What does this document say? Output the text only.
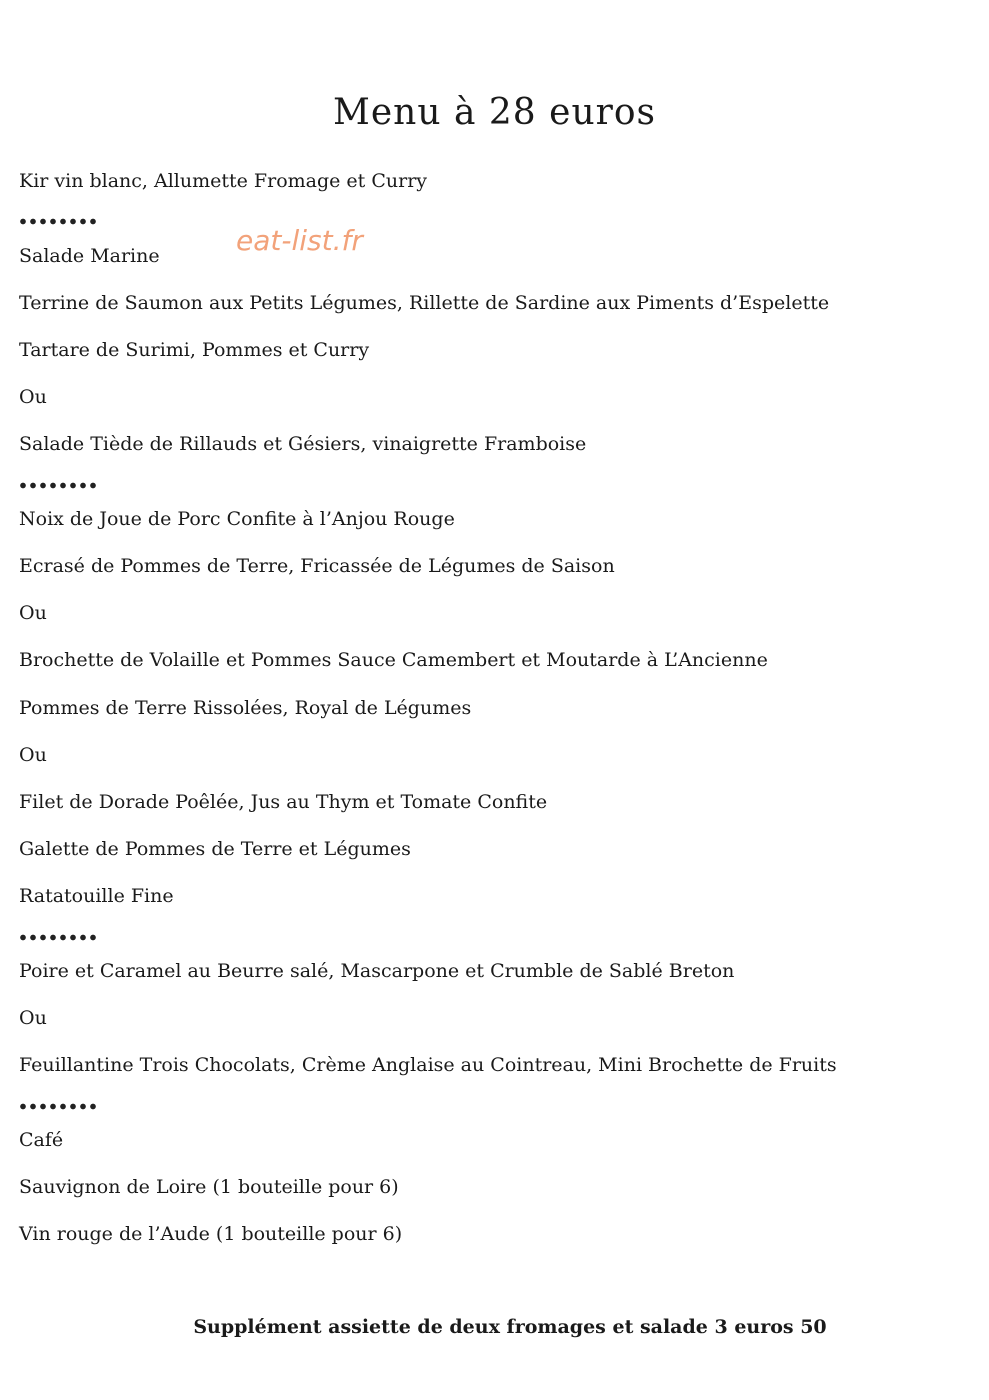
Menu à 28 euros
eat-list.fr
Kir vin blanc, Allumette Fromage et Curry
Salade Marine
Terrine de Saumon aux Petits Légumes, Rillette de Sardine aux Piments d’Espelette
Tartare de Surimi, Pommes et Curry
Ou
Salade Tiède de Rillauds et Gésiers, vinaigrette Framboise
Noix de Joue de Porc Confite à l’Anjou Rouge
Ecrasé de Pommes de Terre, Fricassée de Légumes de Saison
Ou
Brochette de Volaille et Pommes Sauce Camembert et Moutarde à L’Ancienne
Pommes de Terre Rissolées, Royal de Légumes
Ou
Filet de Dorade Poêlée, Jus au Thym et Tomate Confite
Galette de Pommes de Terre et Légumes
Ratatouille Fine
Poire et Caramel au Beurre salé, Mascarpone et Crumble de Sablé Breton
Ou
Feuillantine Trois Chocolats, Crème Anglaise au Cointreau, Mini Brochette de Fruits
Café
Sauvignon de Loire (1 bouteille pour 6)
Vin rouge de l’Aude (1 bouteille pour 6)
Supplément assiette de deux fromages et salade 3 euros 50
